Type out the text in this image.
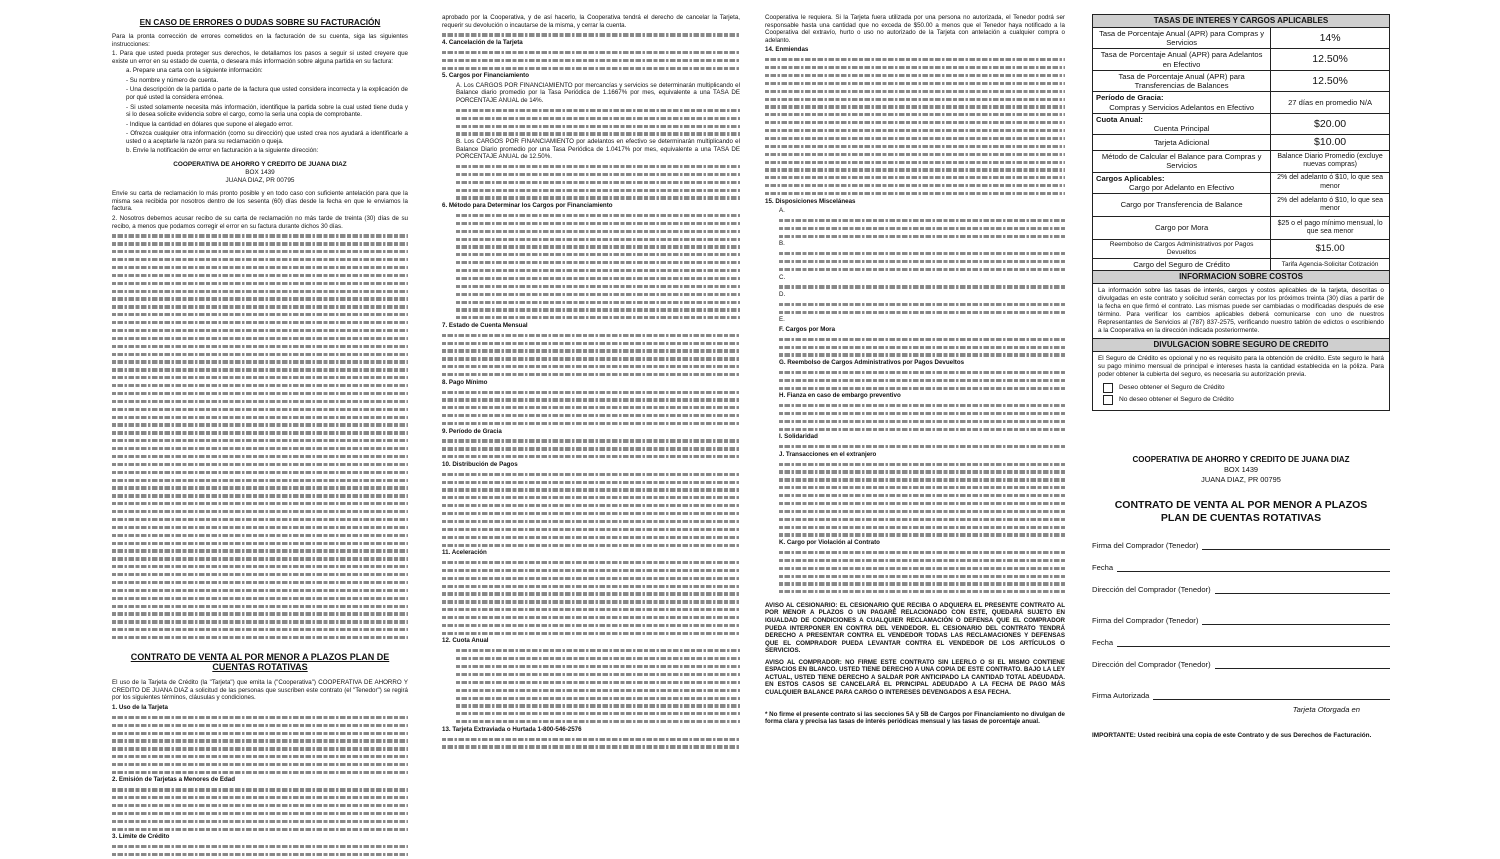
EN CASO DE ERRORES O DUDAS SOBRE SU FACTURACIÓN

Para la pronta corrección de errores cometidos en la facturación de su cuenta, siga las siguientes instrucciones:

1. Para que usted pueda proteger sus derechos, le detallamos los pasos a seguir si usted creyere que existe un error en su estado de cuenta, o deseara más información sobre alguna partida en su factura:

a. Prepare una carta con la siguiente información:

- Su nombre y número de cuenta.

- Una descripción de la partida o parte de la factura que usted considera incorrecta y la explicación de por qué usted la considera errónea.

- Si usted solamente necesita más información, identifique la partida sobre la cual usted tiene duda y si lo desea solicite evidencia sobre el cargo, como la seria una copia de comprobante.

- Indique la cantidad en dólares que supone el alegado error.

- Ofrezca cualquier otra información (como su dirección) que usted crea nos ayudará a identificarle a usted o a aceptarle la razón para su reclamación o queja.

b. Envíe la notificación de error en facturación a la siguiente dirección:

COOPERATIVA DE AHORRO Y CREDITO DE JUANA DIAZ
BOX 1439
JUANA DIAZ, PR 00795

Envíe su carta de reclamación lo más pronto posible y en todo caso con suficiente antelación para que la misma sea recibida por nosotros dentro de los sesenta (60) días desde la fecha en que le enviamos la factura.

2. Nosotros debemos acusar recibo de su carta de reclamación no más tarde de treinta (30) días de su recibo, a menos que podamos corregir el error en su factura durante dichos 30 días.

CONTRATO DE VENTA AL POR MENOR A PLAZOS PLAN DE CUENTAS ROTATIVAS

El uso de la Tarjeta de Crédito (la "Tarjeta") que emita la ("Cooperativa") COOPERATIVA DE AHORRO Y CREDITO DE JUANA DIAZ a solicitud de las personas que suscriben este contrato (el "Tenedor") se regirá por los siguientes términos, cláusulas y condiciones.

1. Uso de la Tarjeta

2. Emisión de Tarjetas a Menores de Edad

3. Límite de Crédito

aprobado por la Cooperativa, y de así hacerlo, la Cooperativa tendrá el derecho de cancelar la Tarjeta, requerir su devolución o incautarse de la misma, y cerrar la cuenta.

4. Cancelación de la Tarjeta

5. Cargos por Financiamiento

A. Los CARGOS POR FINANCIAMIENTO por mercancías y servicios se determinarán multiplicando el Balance diario promedio por la Tasa Periódica de 1.1667% por mes, equivalente a una TASA DE PORCENTAJE ANUAL de 14%.

B. Los CARGOS POR FINANCIAMIENTO por adelantos en efectivo se determinarán multiplicando el Balance Diario promedio por una Tasa Periódica de 1.0417% por mes, equivalente a una TASA DE PORCENTAJE ANUAL de 12.50%.

6. Método para Determinar los Cargos por Financiamiento

7. Estado de Cuenta Mensual

8. Pago Mínimo

9. Período de Gracia

10. Distribución de Pagos

11. Aceleración

12. Cuota Anual

13. Tarjeta Extraviada o Hurtada 1-800-546-2576

Cooperativa le requiera. Si la Tarjeta fuera utilizada por una persona no autorizada, el Tenedor podrá ser responsable hasta una cantidad que no exceda de $50.00 a menos que el Tenedor haya notificado a la Cooperativa del extravío, hurto o uso no autorizado de la Tarjeta con antelación a cualquier compra o adelanto.

14. Enmiendas

15. Disposiciones Misceláneas

A.

B.

C.

D.

E.

F. Cargos por Mora

G. Reembolso de Cargos Administrativos por Pagos Devueltos

H. Fianza en caso de embargo preventivo

I. Solidaridad

J. Transacciones en el extranjero

K. Cargo por Violación al Contrato

AVISO AL CESIONARIO: EL CESIONARIO QUE RECIBA O ADQUIERA EL PRESENTE CONTRATO AL POR MENOR A PLAZOS O UN PAGARÉ RELACIONADO CON ESTE, QUEDARÁ SUJETO EN IGUALDAD DE CONDICIONES A CUALQUIER RECLAMACIÓN O DEFENSA QUE EL COMPRADOR PUEDA INTERPONER EN CONTRA DEL VENDEDOR. EL CESIONARIO DEL CONTRATO TENDRÁ DERECHO A PRESENTAR CONTRA EL VENDEDOR TODAS LAS RECLAMACIONES Y DEFENSAS QUE EL COMPRADOR PUEDA LEVANTAR CONTRA EL VENDEDOR DE LOS ARTÍCULOS O SERVICIOS.

AVISO AL COMPRADOR: NO FIRME ESTE CONTRATO SIN LEERLO O SI EL MISMO CONTIENE ESPACIOS EN BLANCO. USTED TIENE DERECHO A UNA COPIA DE ESTE CONTRATO. BAJO LA LEY ACTUAL, USTED TIENE DERECHO A SALDAR POR ANTICIPADO LA CANTIDAD TOTAL ADEUDADA. EN ESTOS CASOS SE CANCELARÁ EL PRINCIPAL ADEUDADO A LA FECHA DE PAGO MÁS CUALQUIER BALANCE PARA CARGO O INTERESES DEVENGADOS A ESA FECHA.

* No firme el presente contrato si las secciones 5A y 5B de Cargos por Financiamiento no divulgan de forma clara y precisa las tasas de interés periódicas mensual y las tasas de porcentaje anual.

TASAS DE INTERES Y CARGOS APLICABLES	
Tasa de Porcentaje Anual (APR) para Compras y Servicios	14%
Tasa de Porcentaje Anual (APR) para Adelantos en Efectivo	12.50%
Tasa de Porcentaje Anual (APR) para Transferencias de Balances	12.50%

Período de Gracia:
Compras y Servicios Adelantos en Efectivo	27 días en promedio N/A

Cuota Anual:
Cuenta Principal	$20.00
Tarjeta Adicional	$10.00
Método de Calcular el Balance para Compras y Servicios	Balance Diario Promedio (excluye nuevas compras)

Cargos Aplicables:
Cargo por Adelanto en Efectivo	2% del adelanto ó $10, lo que sea menor
Cargo por Transferencia de Balance	2% del adelanto ó $10, lo que sea menor
Cargo por Mora	$25 o el pago mínimo mensual, lo que sea menor
Reembolso de Cargos Administrativos por Pagos Devueltos	$15.00
Cargo del Seguro de Crédito	Tarifa Agencia-Solicitar Cotización
INFORMACION SOBRE COSTOS
La información sobre las tasas de interés, cargos y costos aplicables de la tarjeta, descritas o divulgadas en este contrato y solicitud serán correctas por los próximos treinta (30) días a partir de la fecha en que firmó el contrato. Las mismas puede ser cambiadas o modificadas después de ese término. Para verificar los cambios aplicables deberá comunicarse con uno de nuestros Representantes de Servicios al (787) 837-2575, verificando nuestro tablón de edictos o escribiendo a la Cooperativa en la dirección indicada posteriormente.
DIVULGACION SOBRE SEGURO DE CREDITO
El Seguro de Crédito es opcional y no es requisito para la obtención de crédito. Este seguro le hará su pago mínimo mensual de principal e intereses hasta la cantidad establecida en la póliza. Para poder obtener la cubierta del seguro, es necesaria su autorización previa.
Deseo obtener el Seguro de Crédito
No deseo obtener el Seguro de Crédito
COOPERATIVA DE AHORRO Y CREDITO DE JUANA DIAZ
BOX 1439
JUANA DIAZ, PR 00795
CONTRATO DE VENTA AL POR MENOR A PLAZOS
PLAN DE CUENTAS ROTATIVAS
Firma del Comprador (Tenedor)
Fecha
Dirección del Comprador (Tenedor)
Firma del Comprador (Tenedor)
Fecha
Dirección del Comprador (Tenedor)
Firma Autorizada
Tarjeta Otorgada en
IMPORTANTE: Usted recibirá una copia de este Contrato y de sus Derechos de Facturación.
